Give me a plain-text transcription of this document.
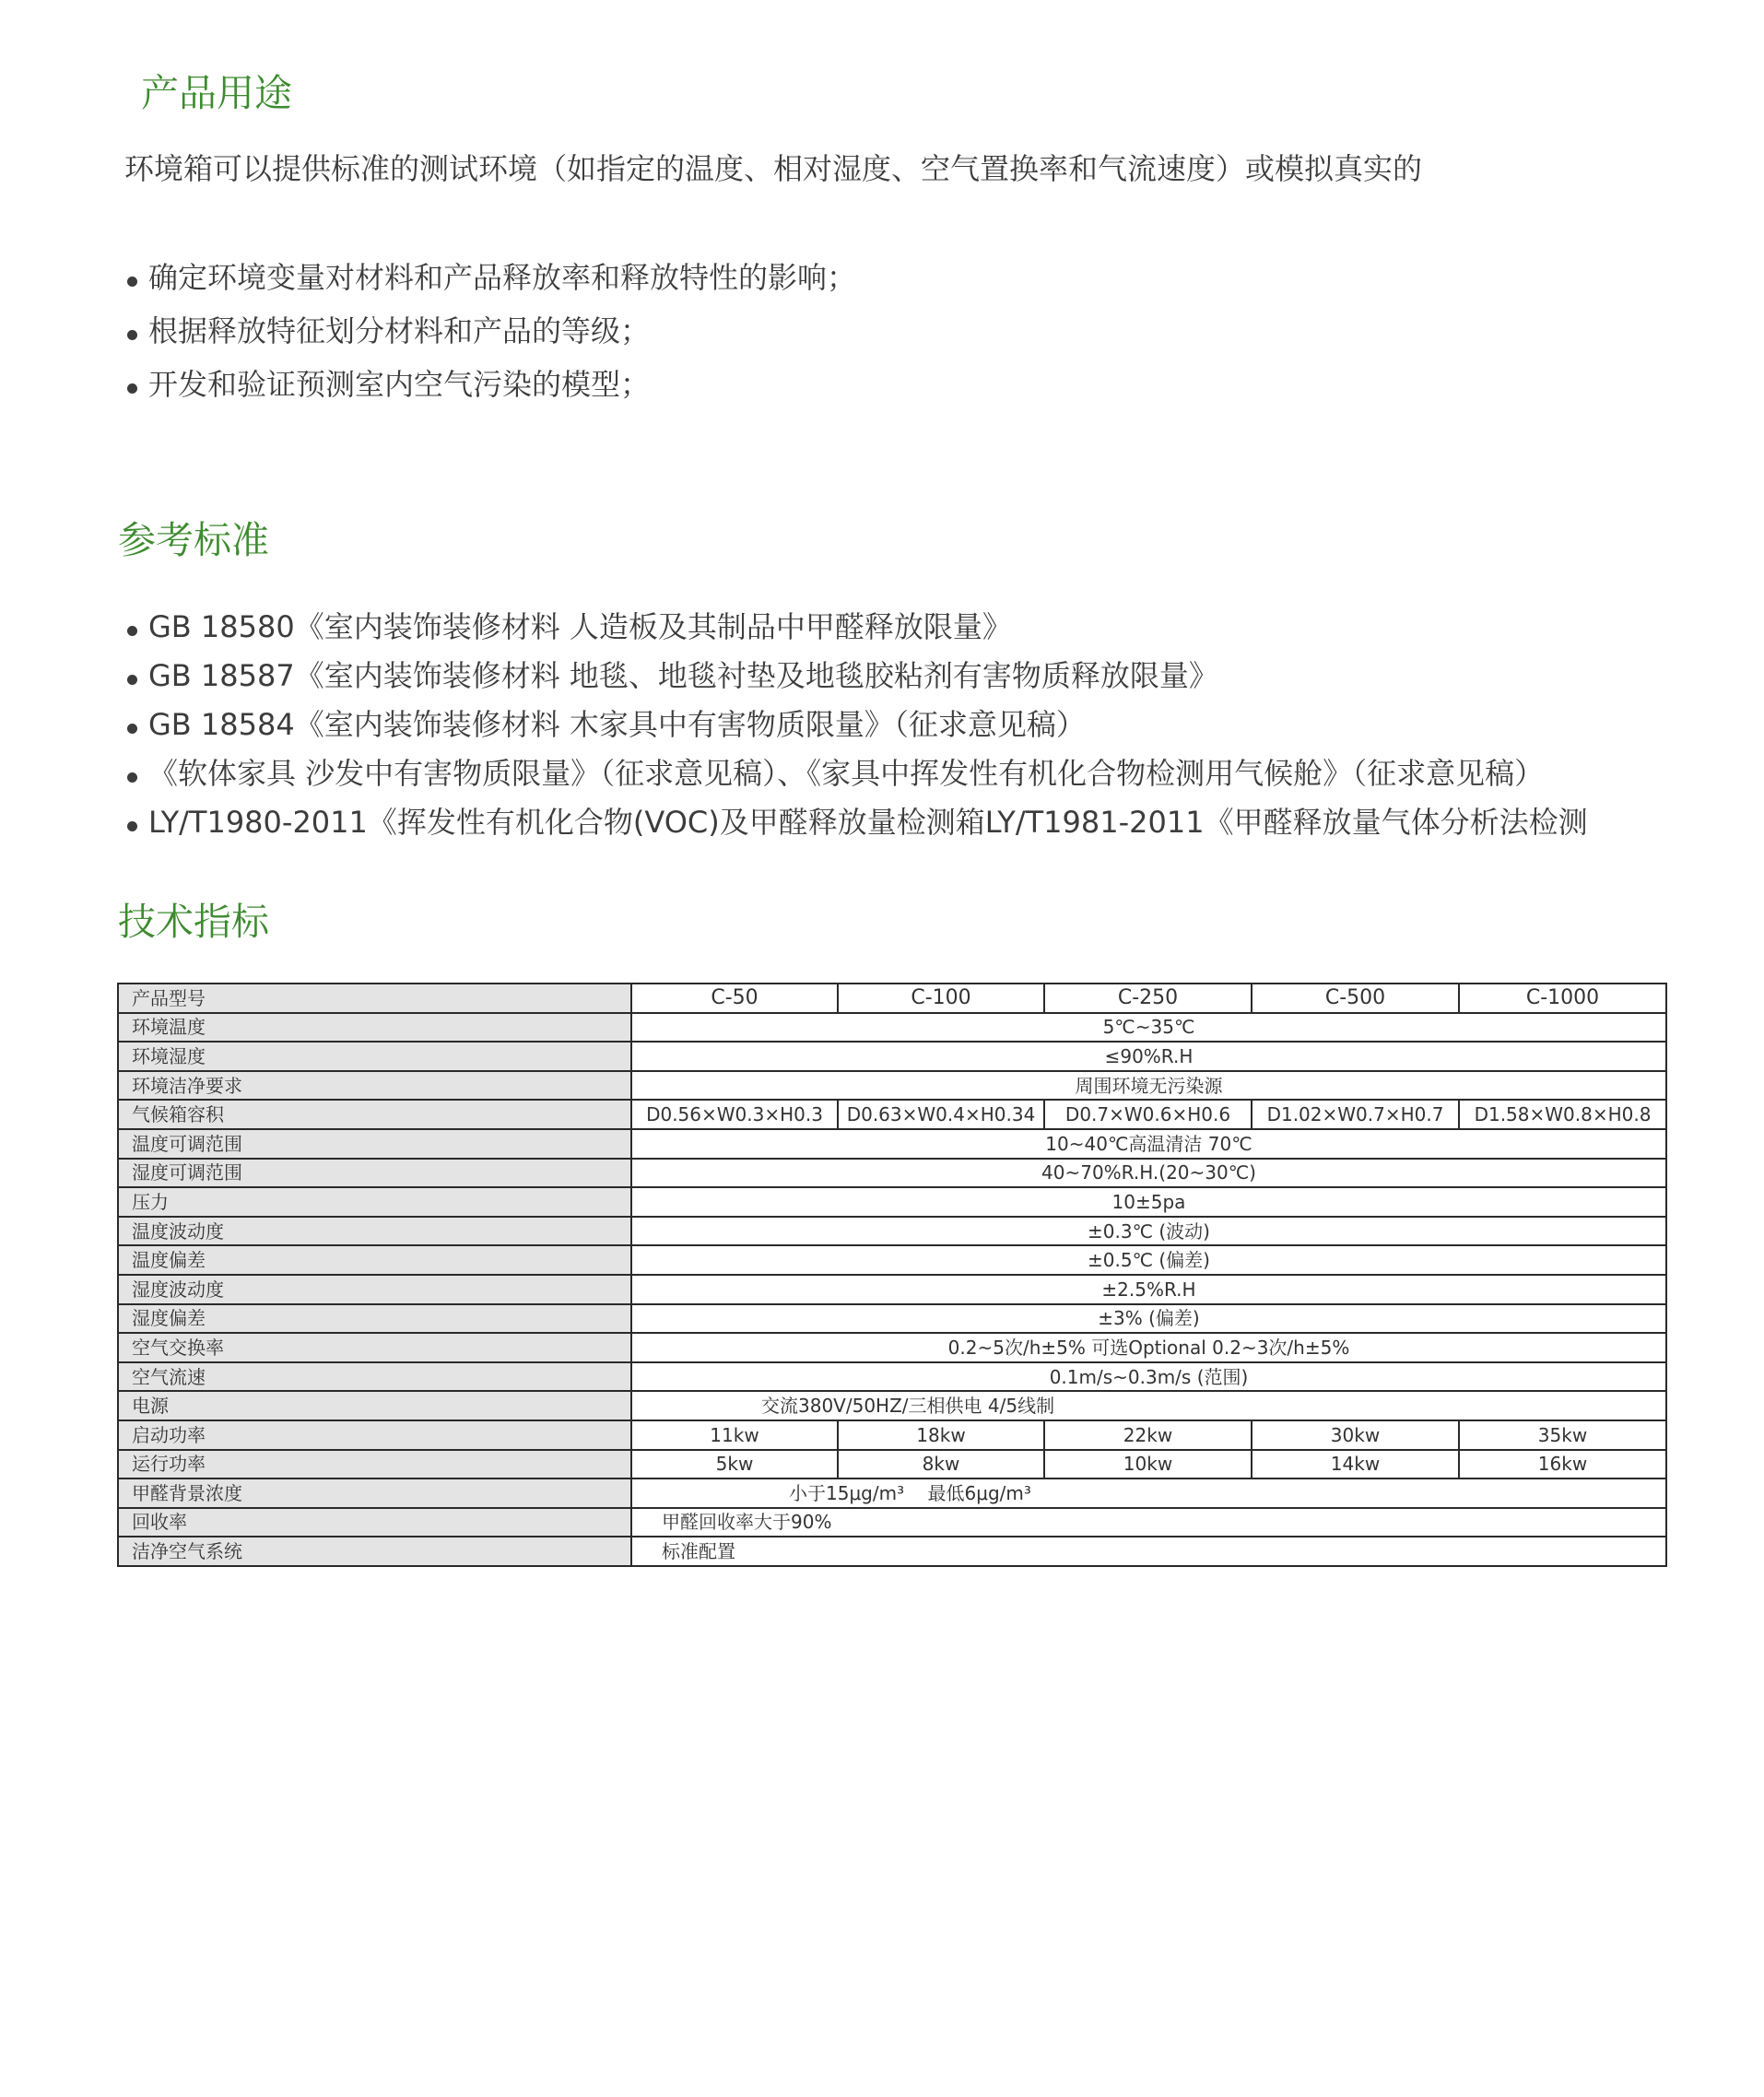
产品用途

环境箱可以提供标准的测试环境（如指定的温度、相对湿度、空气置换率和气流速度）或模拟真实的

确定环境变量对材料和产品释放率和释放特性的影响；
根据释放特征划分材料和产品的等级；
开发和验证预测室内空气污染的模型；
参考标准
GB 18580《室内装饰装修材料 人造板及其制品中甲醛释放限量》
GB 18587《室内装饰装修材料 地毯、地毯衬垫及地毯胶粘剂有害物质释放限量》
GB 18584《室内装饰装修材料 木家具中有害物质限量》（征求意见稿）
《软体家具 沙发中有害物质限量》（征求意见稿）、《家具中挥发性有机化合物检测用气候舱》（征求意见稿）
LY/T1980-2011《挥发性有机化合物(VOC)及甲醛释放量检测箱LY/T1981-2011《甲醛释放量气体分析法检测
技术指标
产品型号	C-50	C-100	C-250	C-500	C-1000
环境温度	5℃~35℃				
环境湿度	≤90%R.H				
环境洁净要求	周围环境无污染源				
气候箱容积	D0.56×W0.3×H0.3	D0.63×W0.4×H0.34	D0.7×W0.6×H0.6	D1.02×W0.7×H0.7	D1.58×W0.8×H0.8
温度可调范围	10~40℃高温清洁 70℃				
湿度可调范围	40~70%R.H.(20~30℃)				
压力	10±5pa				
温度波动度	±0.3℃ (波动)				
温度偏差	±0.5℃ (偏差)				
湿度波动度	±2.5%R.H				
湿度偏差	±3% (偏差)				
空气交换率	0.2~5次/h±5% 可选Optional 0.2~3次/h±5%				
空气流速	0.1m/s~0.3m/s (范围)				
电源	交流380V/50HZ/三相供电 4/5线制				
启动功率	11kw	18kw	22kw	30kw	35kw
运行功率	5kw	8kw	10kw	14kw	16kw
甲醛背景浓度	小于15μg/m³    最低6μg/m³				
回收率	甲醛回收率大于90%				
洁净空气系统	标准配置				
